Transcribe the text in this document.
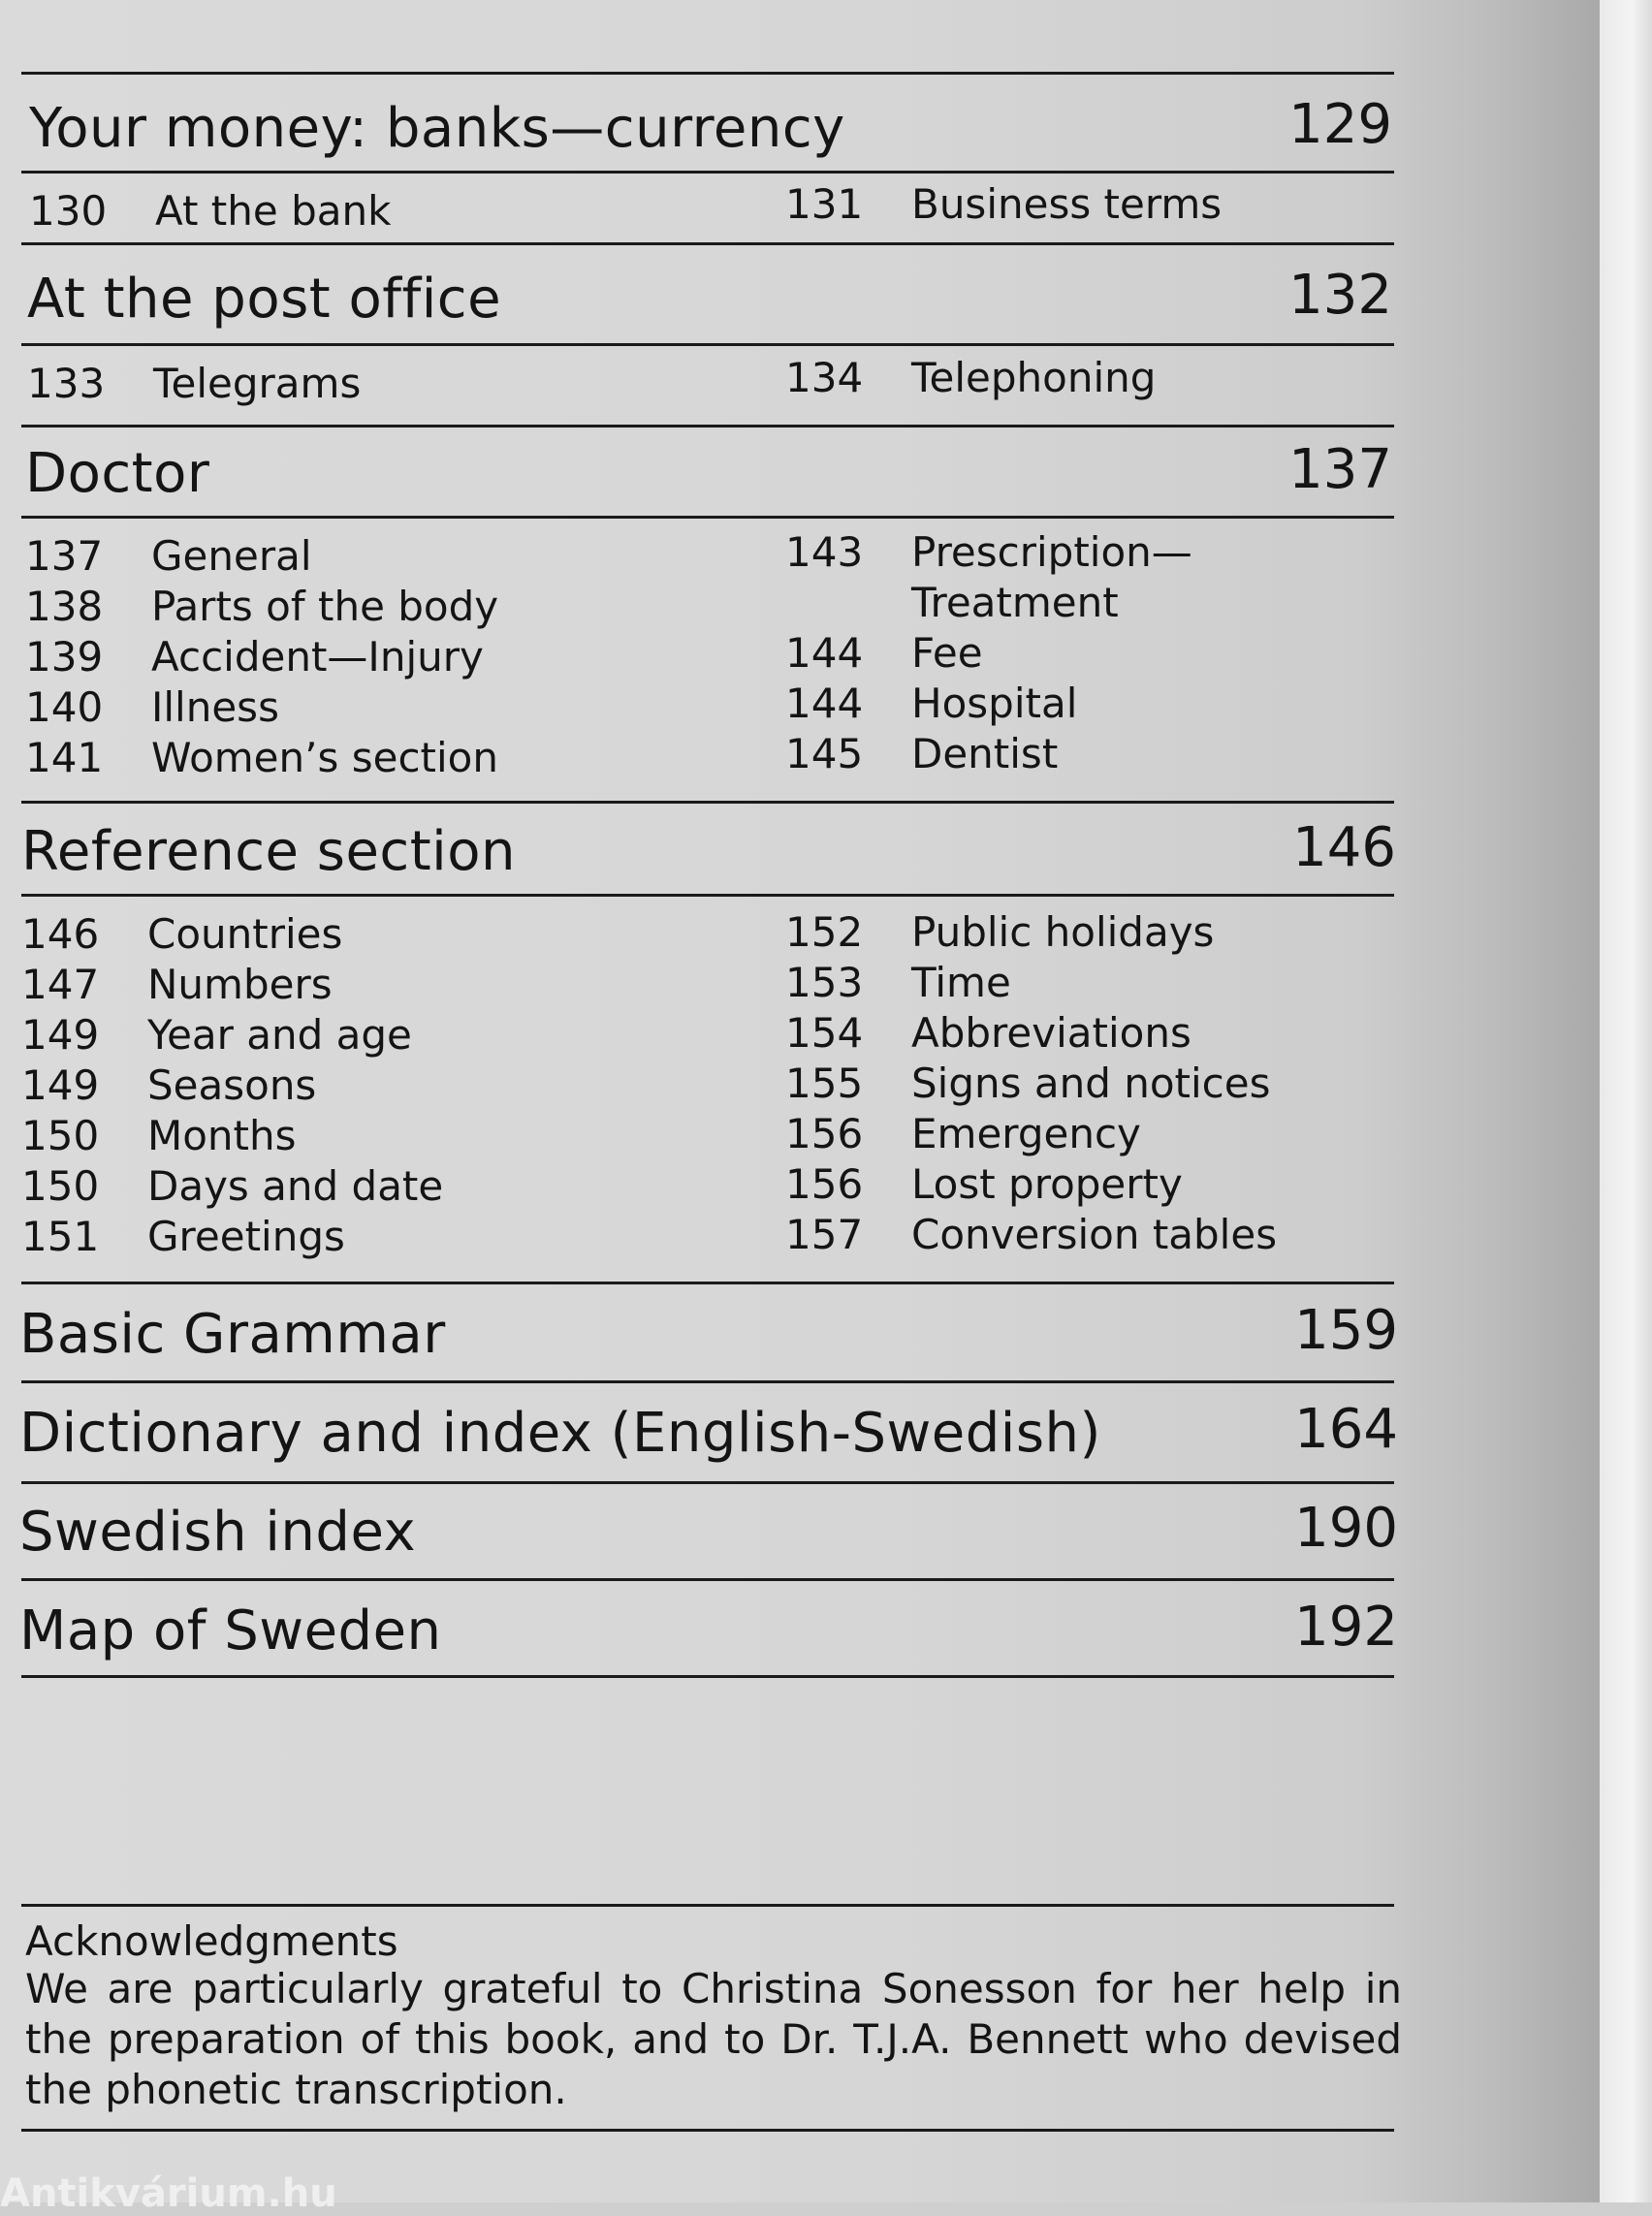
Your money: banks—currency	129
130 At the bank	131 Business terms
At the post office	132
133 Telegrams	134 Telephoning
Doctor	137
137 General
138 Parts of the body
139 Accident—Injury
140 Illness
141 Women’s section
143 Prescription—
Treatment
144 Fee
144 Hospital
145 Dentist
Reference section	146
146 Countries
147 Numbers
149 Year and age
149 Seasons
150 Months
150 Days and date
151 Greetings
152 Public holidays
153 Time
154 Abbreviations
155 Signs and notices
156 Emergency
156 Lost property
157 Conversion tables
Basic Grammar	159
Dictionary and index (English-Swedish)	164
Swedish index	190
Map of Sweden	192
Acknowledgments
We are particularly grateful to Christina Sonesson for her help in the preparation of this book, and to Dr. T.J.A. Bennett who devised the phonetic transcription.
Antikvárium.hu
